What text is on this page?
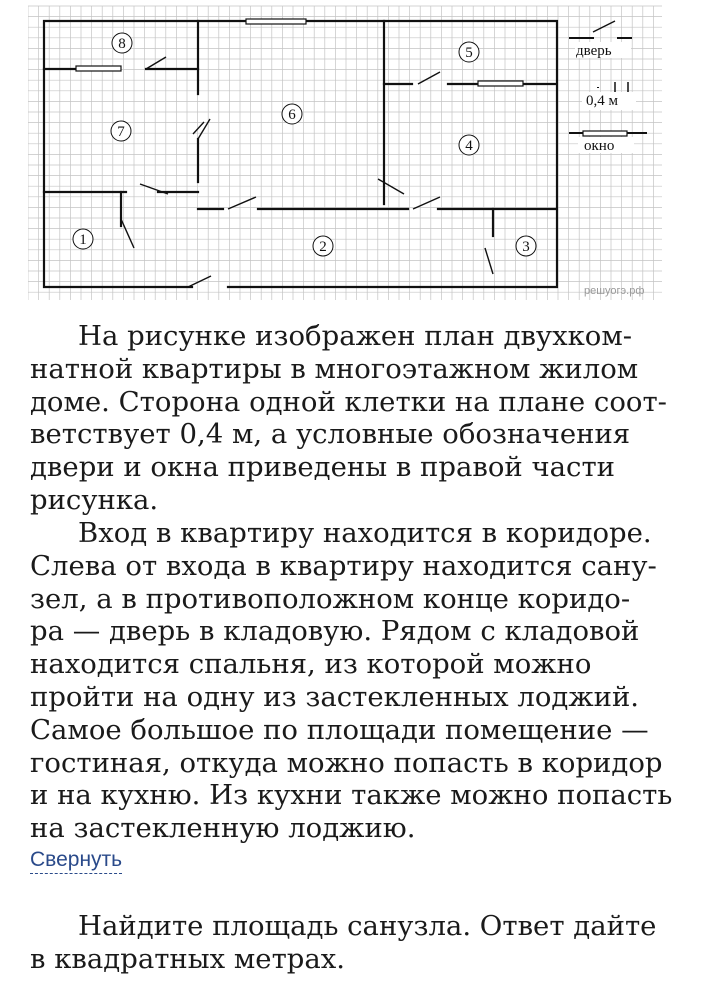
дверь
0,4 м
окно
1	2	3
4
5
6
7
8
решуогэ.рф
На рисунке изображен план двухком-
натной квартиры в многоэтажном жилом
доме. Сторона одной клетки на плане соот-
ветствует 0,4 м, а условные обозначения
двери и окна приведены в правой части
рисунка.
Вход в квартиру находится в коридоре.
Слева от входа в квартиру находится сану-
зел, а в противоположном конце коридо-
ра — дверь в кладовую. Рядом с кладовой
находится спальня, из которой можно
пройти на одну из застекленных лоджий.
Самое большое по площади помещение —
гостиная, откуда можно попасть в коридор
и на кухню. Из кухни также можно попасть
на застекленную лоджию.
Свернуть
Найдите площадь санузла. Ответ дайте
в квадратных метрах.
